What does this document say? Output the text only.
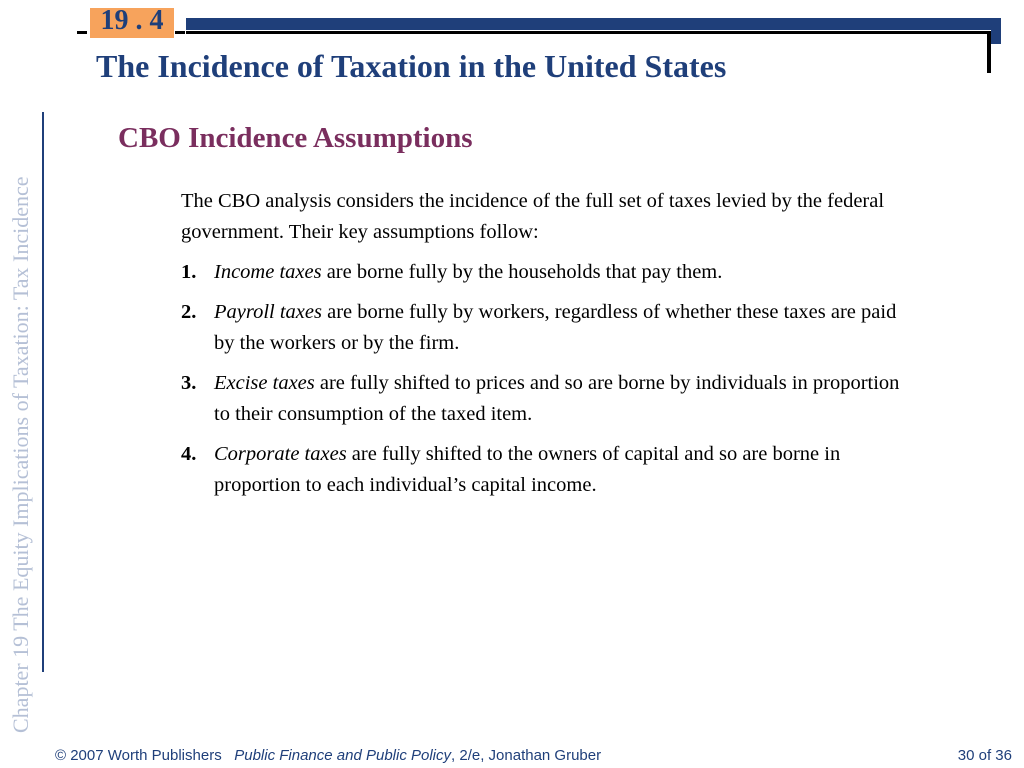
19 . 4
The Incidence of Taxation in the United States
Chapter 19 The Equity Implications of Taxation: Tax Incidence
CBO Incidence Assumptions

The CBO analysis considers the incidence of the full set of taxes levied by the federal government. Their key assumptions follow:

1. Income taxes are borne fully by the households that pay them.
2. Payroll taxes are borne fully by workers, regardless of whether these taxes are paid by the workers or by the firm.
3. Excise taxes are fully shifted to prices and so are borne by individuals in proportion to their consumption of the taxed item.
4. Corporate taxes are fully shifted to the owners of capital and so are borne in proportion to each individual’s capital income.
© 2007 Worth Publishers Public Finance and Public Policy, 2/e, Jonathan Gruber	30 of 36
